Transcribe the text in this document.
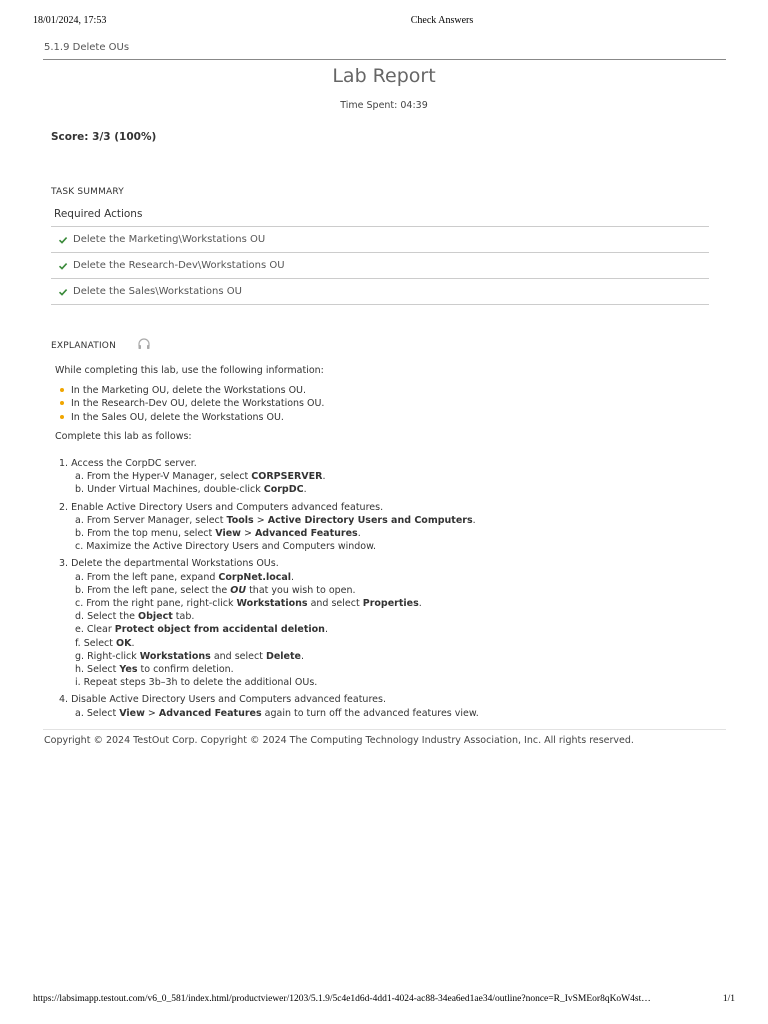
18/01/2024, 17:53	Check Answers
5.1.9 Delete OUs
Lab Report
Time Spent: 04:39
Score: 3/3 (100%)
TASK SUMMARY
Required Actions
Delete the Marketing\Workstations OU
Delete the Research-Dev\Workstations OU
Delete the Sales\Workstations OU
EXPLANATION
While completing this lab, use the following information:
In the Marketing OU, delete the Workstations OU.
In the Research-Dev OU, delete the Workstations OU.
In the Sales OU, delete the Workstations OU.
Complete this lab as follows:
1. Access the CorpDC server.
a. From the Hyper-V Manager, select CORPSERVER.
b. Under Virtual Machines, double-click CorpDC.
2. Enable Active Directory Users and Computers advanced features.
a. From Server Manager, select Tools > Active Directory Users and Computers.
b. From the top menu, select View > Advanced Features.
c. Maximize the Active Directory Users and Computers window.
3. Delete the departmental Workstations OUs.
a. From the left pane, expand CorpNet.local.
b. From the left pane, select the OU that you wish to open.
c. From the right pane, right-click Workstations and select Properties.
d. Select the Object tab.
e. Clear Protect object from accidental deletion.
f. Select OK.
g. Right-click Workstations and select Delete.
h. Select Yes to confirm deletion.
i. Repeat steps 3b–3h to delete the additional OUs.
4. Disable Active Directory Users and Computers advanced features.
a. Select View > Advanced Features again to turn off the advanced features view.
Copyright © 2024 TestOut Corp. Copyright © 2024 The Computing Technology Industry Association, Inc. All rights reserved.
https://labsimapp.testout.com/v6_0_581/index.html/productviewer/1203/5.1.9/5c4e1d6d-4dd1-4024-ac88-34ea6ed1ae34/outline?nonce=R_IvSMEor8qKoW4st…	1/1
